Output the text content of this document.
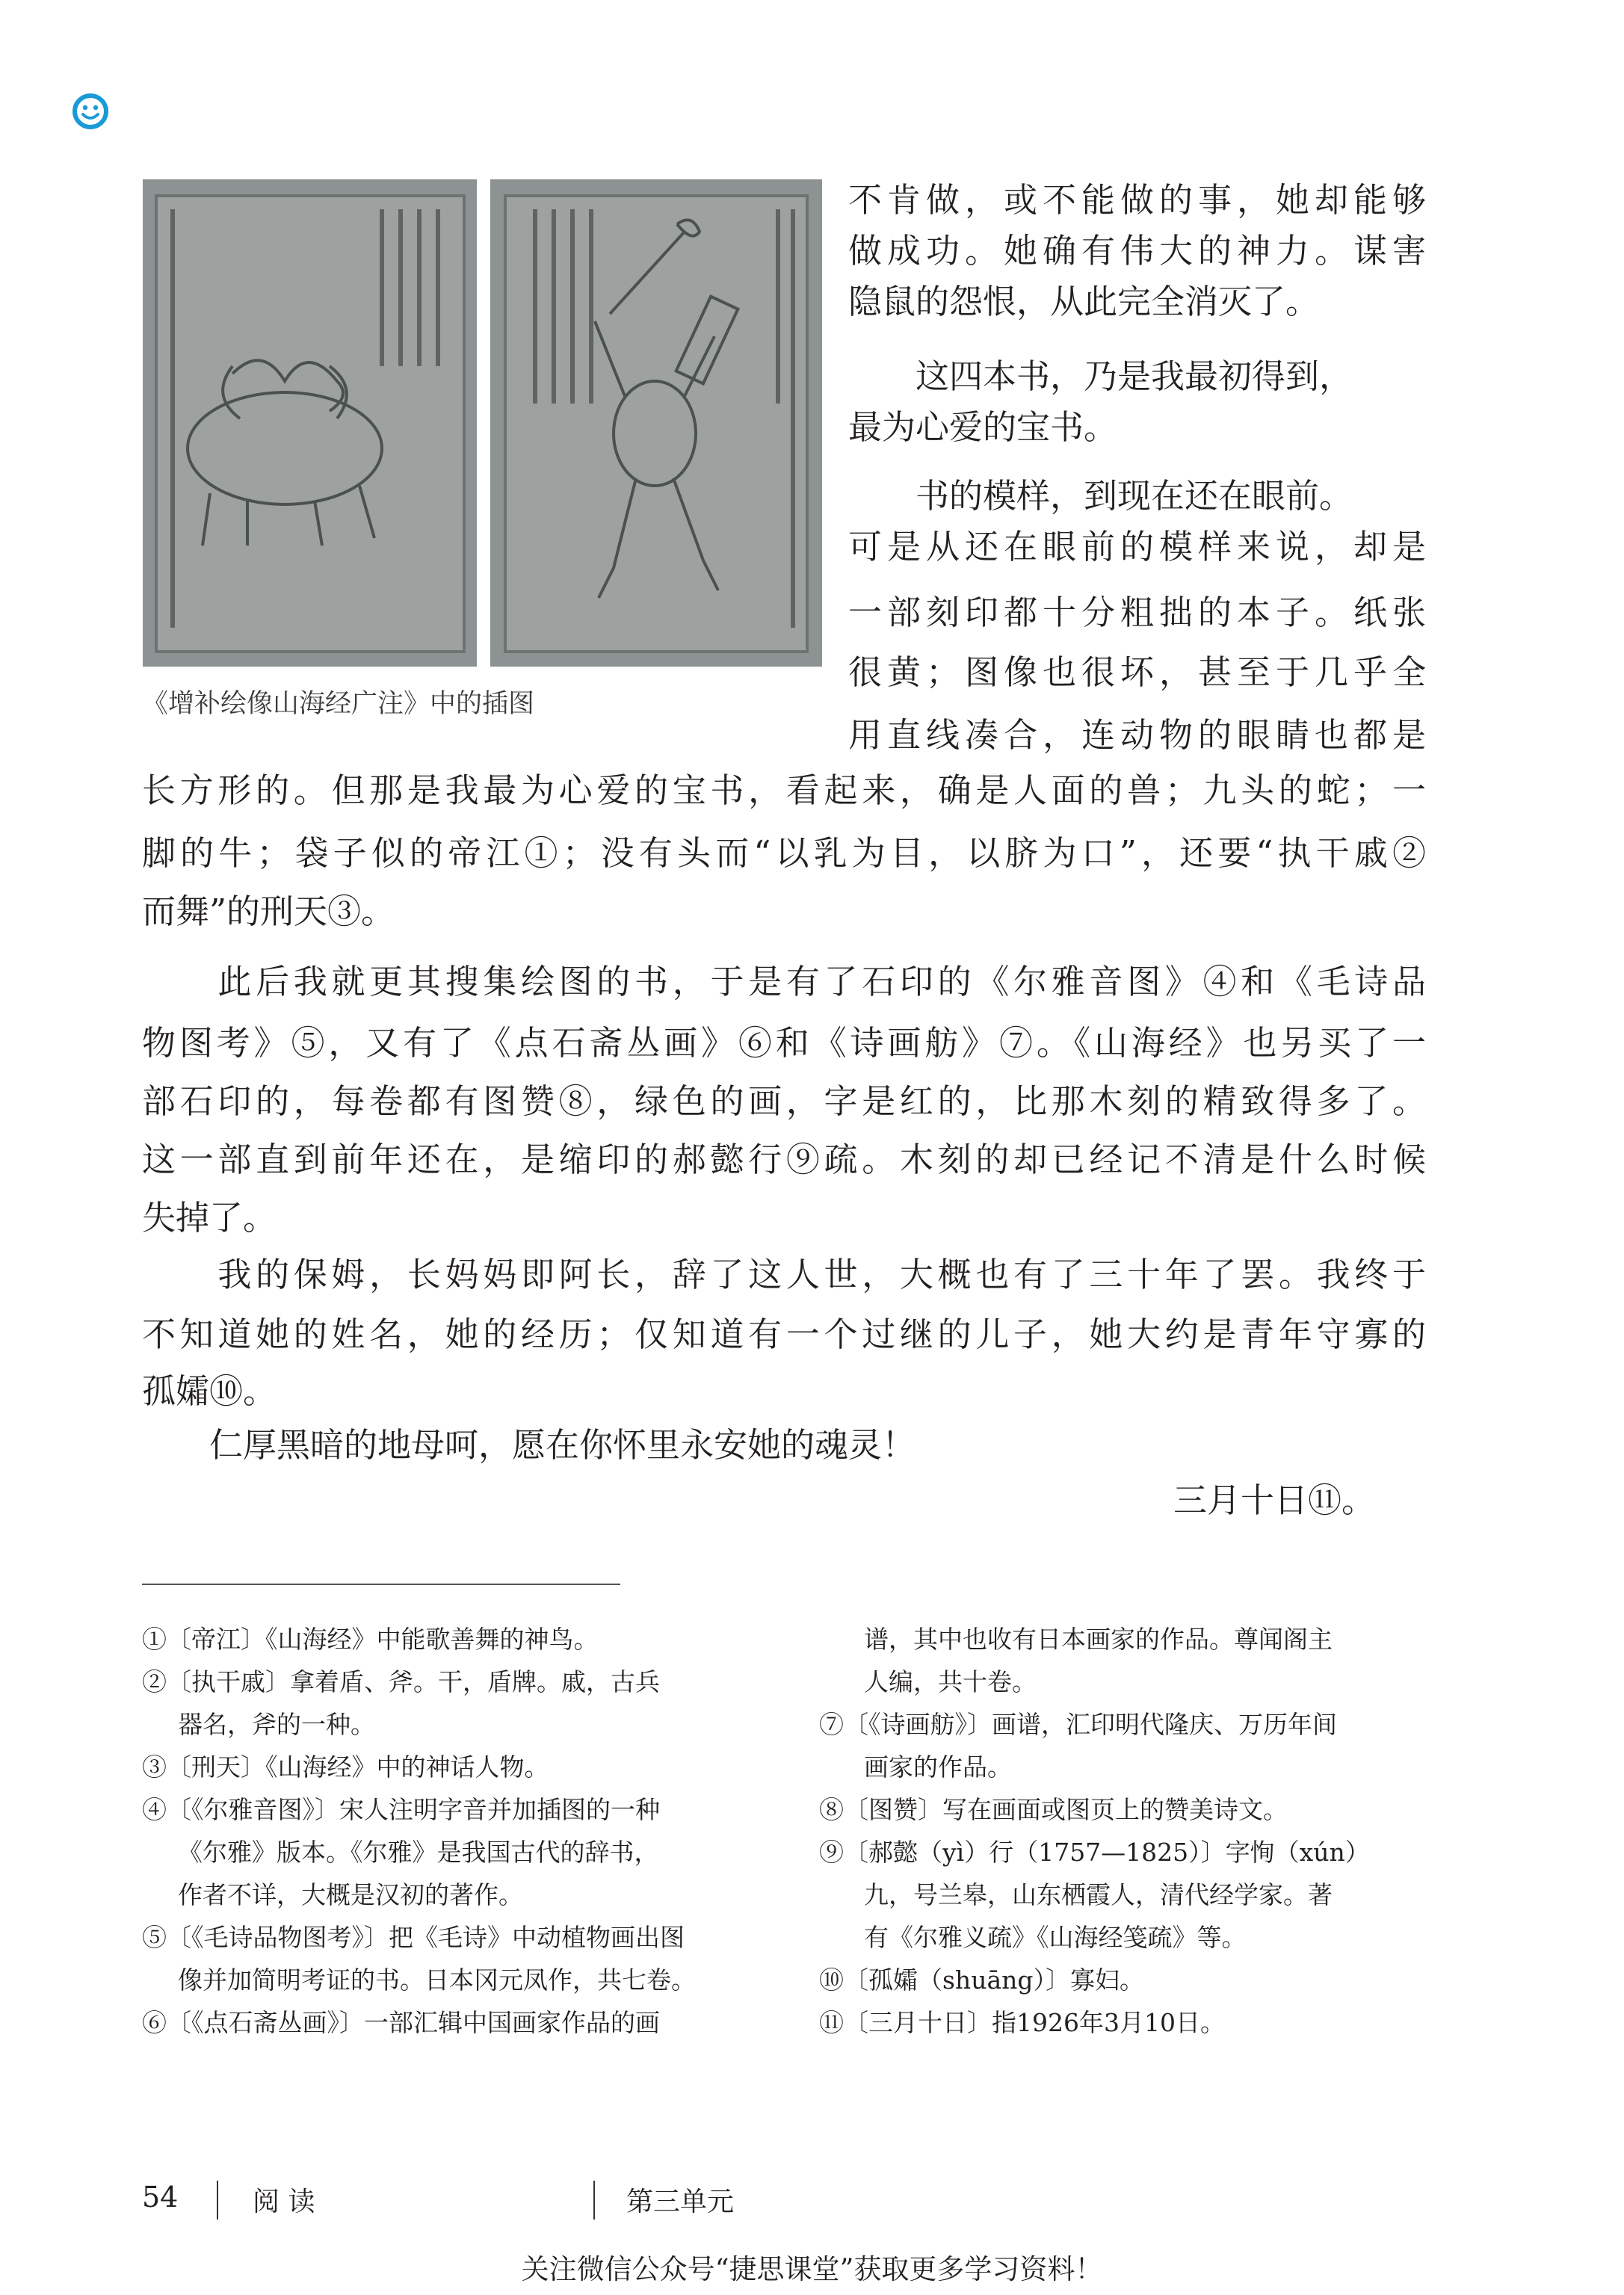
《增补绘像山海经广注》中的插图
不肯做，或不能做的事，她却能够
做成功。她确有伟大的神力。谋害
隐鼠的怨恨，从此完全消灭了。
　　这四本书，乃是我最初得到，
最为心爱的宝书。
　　书的模样，到现在还在眼前。
可是从还在眼前的模样来说，却是
一部刻印都十分粗拙的本子。纸张
很黄；图像也很坏，甚至于几乎全
用直线凑合，连动物的眼睛也都是
长方形的。但那是我最为心爱的宝书，看起来，确是人面的兽；九头的蛇；一
脚的牛；袋子似的帝江①；没有头而“以乳为目，以脐为口”，还要“执干戚②
而舞”的刑天③。
　　此后我就更其搜集绘图的书，于是有了石印的《尔雅音图》④和《毛诗品
物图考》⑤，又有了《点石斋丛画》⑥和《诗画舫》⑦。《山海经》也另买了一
部石印的，每卷都有图赞⑧，绿色的画，字是红的，比那木刻的精致得多了。
这一部直到前年还在，是缩印的郝懿行⑨疏。木刻的却已经记不清是什么时候
失掉了。
　　我的保姆，长妈妈即阿长，辞了这人世，大概也有了三十年了罢。我终于
不知道她的姓名，她的经历；仅知道有一个过继的儿子，她大约是青年守寡的
孤孀⑩。
　　仁厚黑暗的地母呵，愿在你怀里永安她的魂灵！
三月十日⑪。
①〔帝江〕《山海经》中能歌善舞的神鸟。
②〔执干戚〕拿着盾、斧。干，盾牌。戚，古兵
器名，斧的一种。
③〔刑天〕《山海经》中的神话人物。
④〔《尔雅音图》〕宋人注明字音并加插图的一种
《尔雅》版本。《尔雅》是我国古代的辞书，
作者不详，大概是汉初的著作。
⑤〔《毛诗品物图考》〕把《毛诗》中动植物画出图
像并加简明考证的书。日本冈元凤作，共七卷。
⑥〔《点石斋丛画》〕一部汇辑中国画家作品的画
谱，其中也收有日本画家的作品。尊闻阁主
人编，共十卷。
⑦〔《诗画舫》〕画谱，汇印明代隆庆、万历年间
画家的作品。
⑧〔图赞〕写在画面或图页上的赞美诗文。
⑨〔郝懿（yì）行（1757—1825）〕字恂（xún）
九，号兰皋，山东栖霞人，清代经学家。著
有《尔雅义疏》《山海经笺疏》等。
⑩〔孤孀（shuāng）〕寡妇。
⑪〔三月十日〕指1926年3月10日。
54	阅 读	第三单元
关注微信公众号“捷思课堂”获取更多学习资料！
